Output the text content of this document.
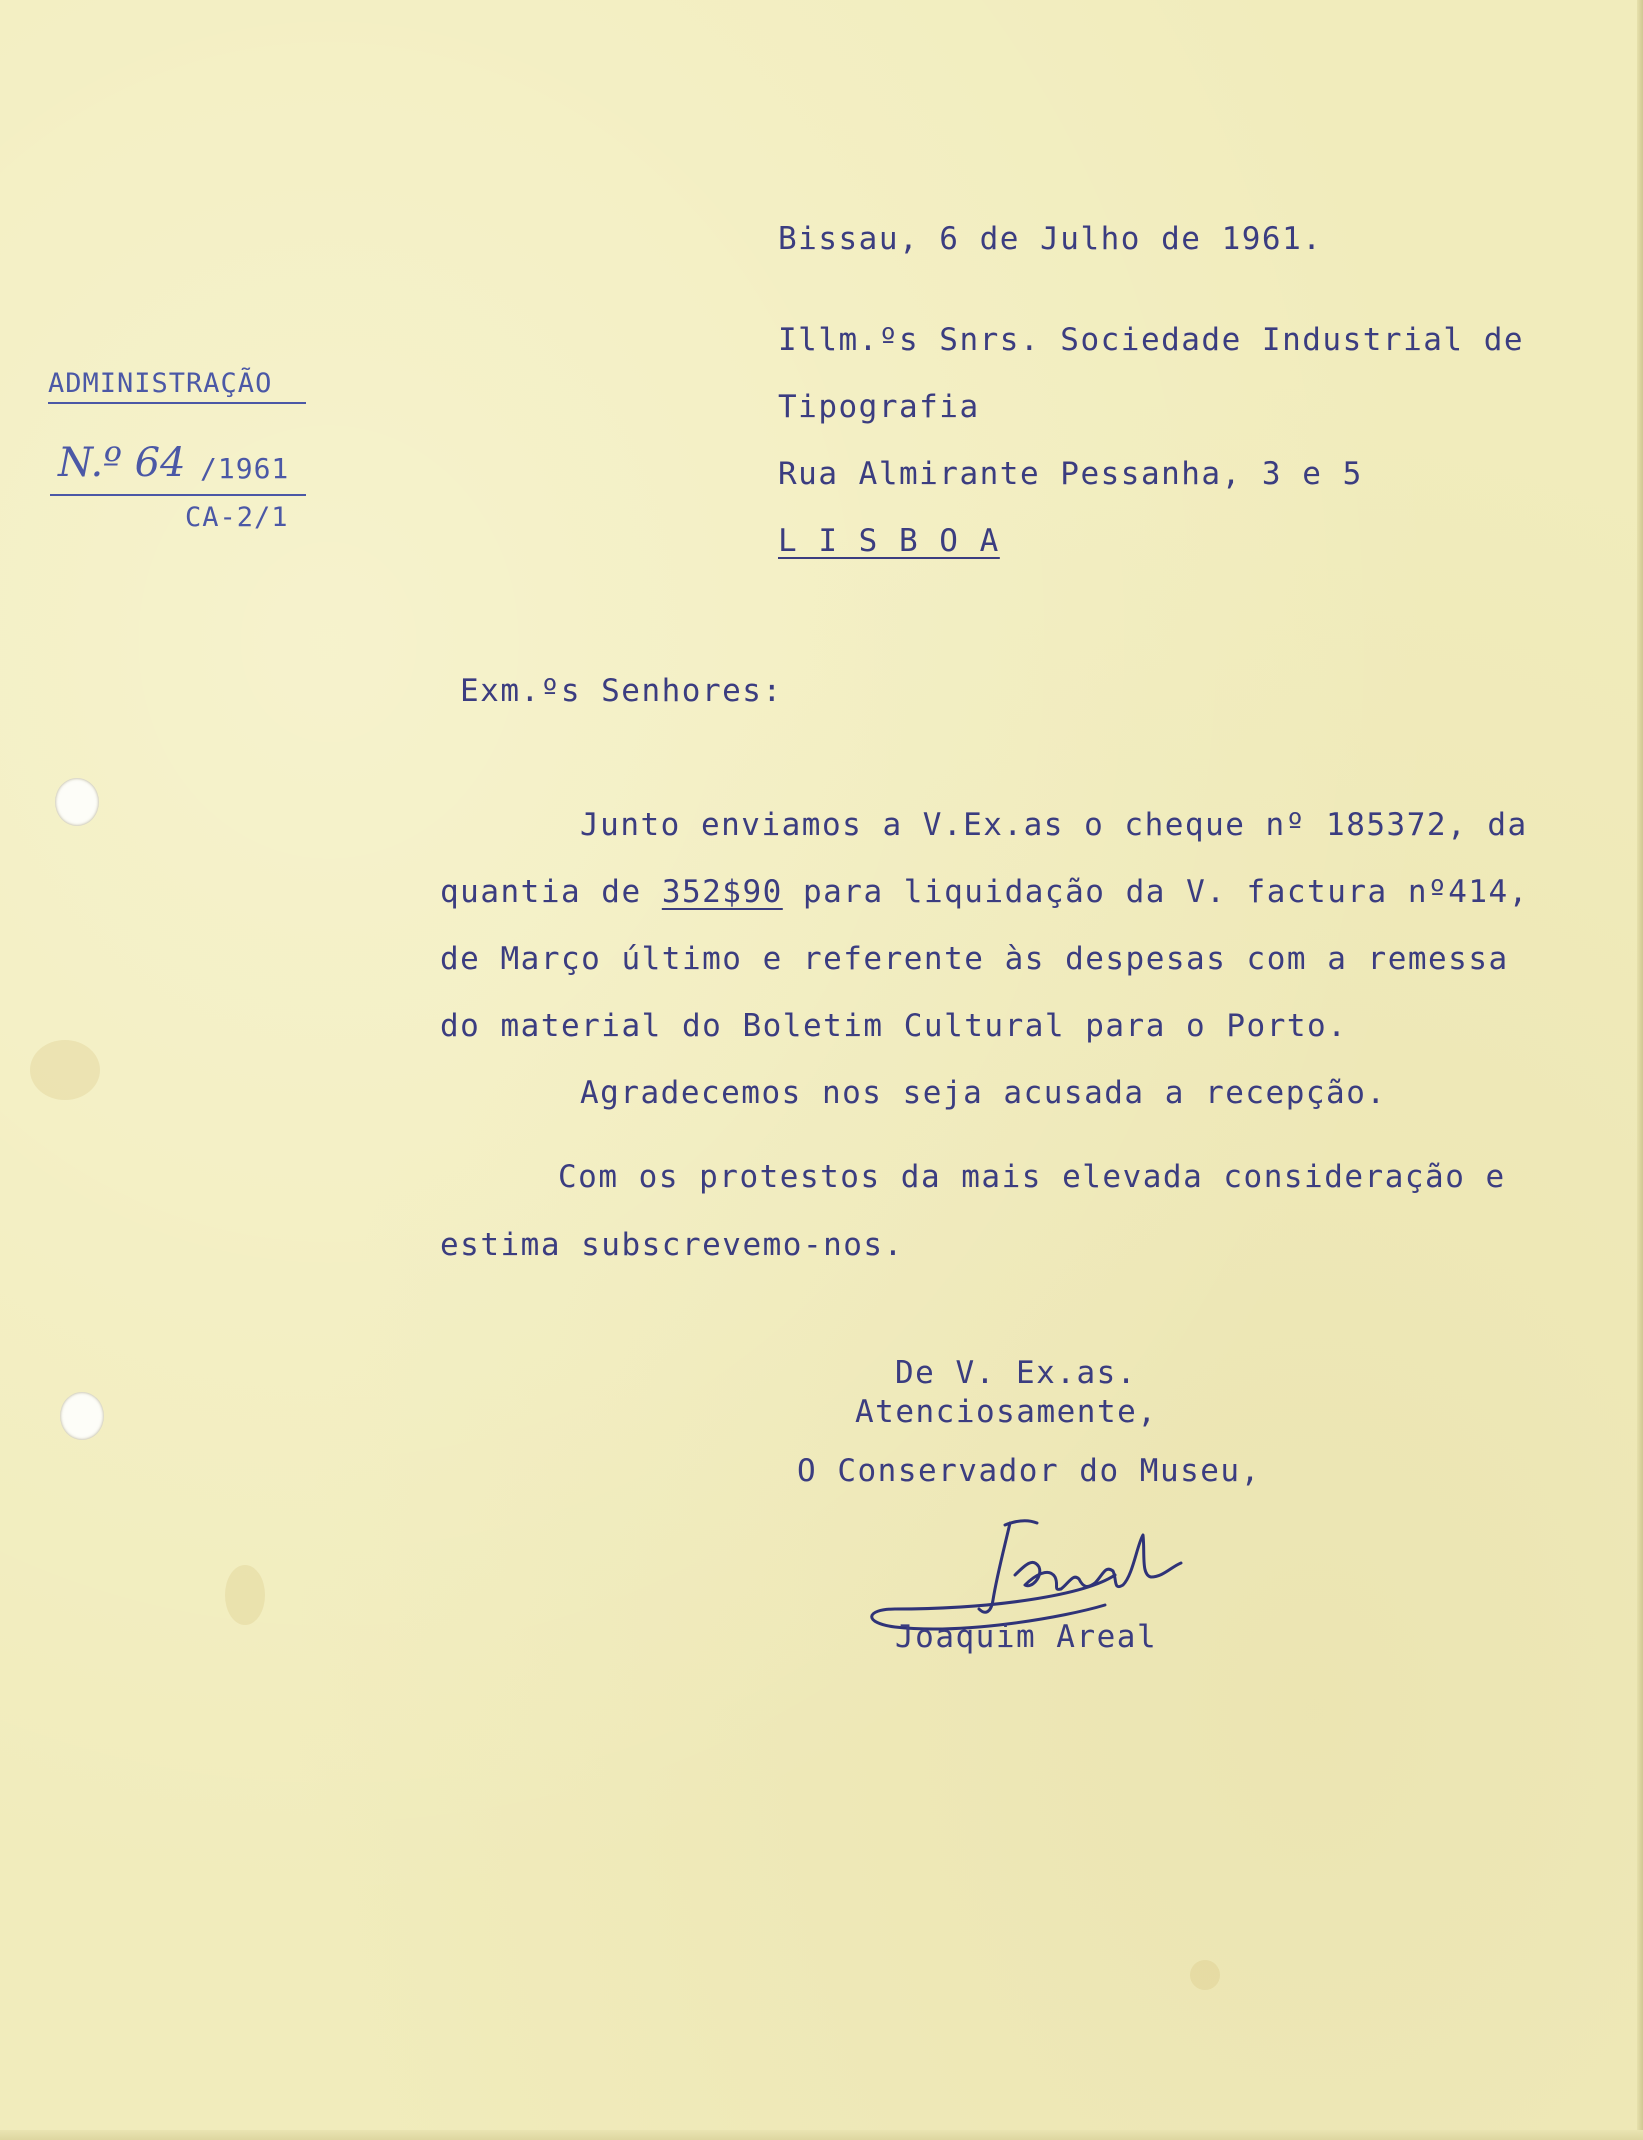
ADMINISTRAÇÃO
N.º 64 /1961
CA-2/1
Bissau, 6 de Julho de 1961.
Illm.ºs Snrs. Sociedade Industrial de
Tipografia
Rua Almirante Pessanha, 3 e 5
L I S B O A
Exm.ºs Senhores:
Junto enviamos a V.Ex.as o cheque nº 185372, da
quantia de 352$90 para liquidação da V. factura nº414,
de Março último e referente às despesas com a remessa
do material do Boletim Cultural para o Porto.
Agradecemos nos seja acusada a recepção.
Com os protestos da mais elevada consideração e
estima subscrevemo-nos.
De V. Ex.as.
Atenciosamente,
O Conservador do Museu,
Joaquim Areal
